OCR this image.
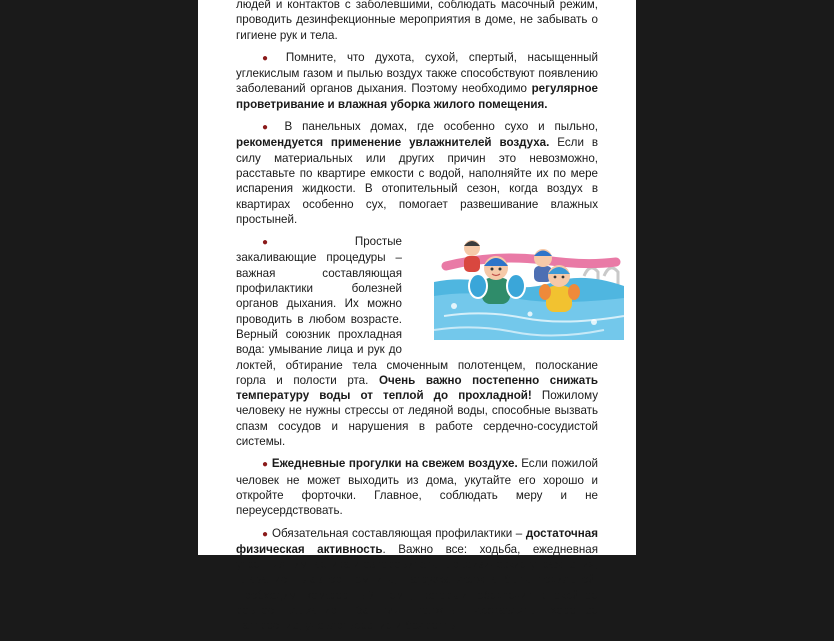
людей и контактов с заболевшими, соблюдать масочный режим, проводить дезинфекционные мероприятия в доме, не забывать о гигиене рук и тела.

● Помните, что духота, сухой, спертый, насыщенный углекислым газом и пылью воздух также способствуют появлению заболеваний органов дыхания. Поэтому необходимо регулярное проветривание и влажная уборка жилого помещения.

● В панельных домах, где особенно сухо и пыльно, рекомендуется применение увлажнителей воздуха. Если в силу материальных или других причин это невозможно, расставьте по квартире емкости с водой, наполняйте их по мере испарения жидкости. В отопительный сезон, когда воздух в квартирах особенно сух, помогает развешивание влажных простыней.

● Простые закаливающие процедуры – важная составляющая профилактики болезней органов дыхания. Их можно проводить в любом возрасте. Верный союзник прохладная вода: умывание лица и рук до локтей, обтирание тела смоченным полотенцем, полоскание горла и полости рта. Очень важно постепенно снижать температуру воды от теплой до прохладной! Пожилому человеку не нужны стрессы от ледяной воды, способные вызвать спазм сосудов и нарушения в работе сердечно-сосудистой системы.

● Ежедневные прогулки на свежем воздухе. Если пожилой человек не может выходить из дома, укутайте его хорошо и откройте форточки. Главное, соблюдать меру и не переусердствовать.

● Обязательная составляющая профилактики – достаточная физическая активность. Важно все: ходьба, ежедневная утренняя гимнастика и оздоровительные физические упражнения, плавание. Главное помнить, нагрузка должна быть посильной. Необходим комфортный темп, который обеспечит спокойное ровное дыхание. Занятия должны доставлять хорошее настроение, удовлетворение и бодрость.
